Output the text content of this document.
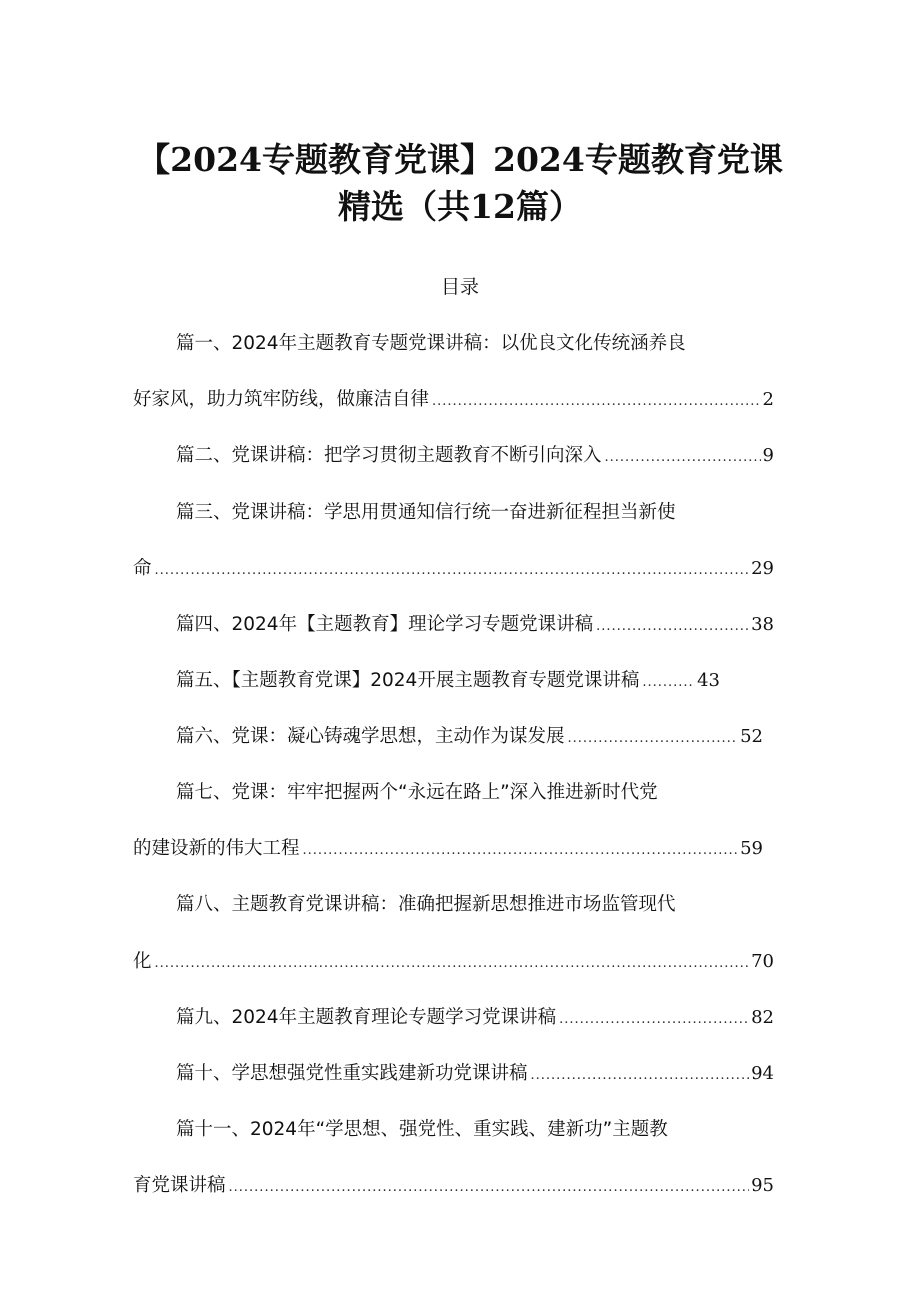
【2024专题教育党课】2024专题教育党课
精选（共12篇）
目录
篇一、2024年主题教育专题党课讲稿：以优良文化传统涵养良
好家风，助力筑牢防线，做廉洁自律 .....	2
篇二、党课讲稿：把学习贯彻主题教育不断引向深入 .....	9
篇三、党课讲稿：学思用贯通知信行统一奋进新征程担当新使
命 .....	29
篇四、2024年【主题教育】理论学习专题党课讲稿 .....	38
篇五、【主题教育党课】2024开展主题教育专题党课讲稿 .....	43
篇六、党课：凝心铸魂学思想，主动作为谋发展 .....	52
篇七、党课：牢牢把握两个“永远在路上”深入推进新时代党
的建设新的伟大工程 .....	59
篇八、主题教育党课讲稿：准确把握新思想推进市场监管现代
化 .....	70
篇九、2024年主题教育理论专题学习党课讲稿 .....	82
篇十、学思想强党性重实践建新功党课讲稿 .....	94
篇十一、2024年“学思想、强党性、重实践、建新功”主题教
育党课讲稿 .....	95
